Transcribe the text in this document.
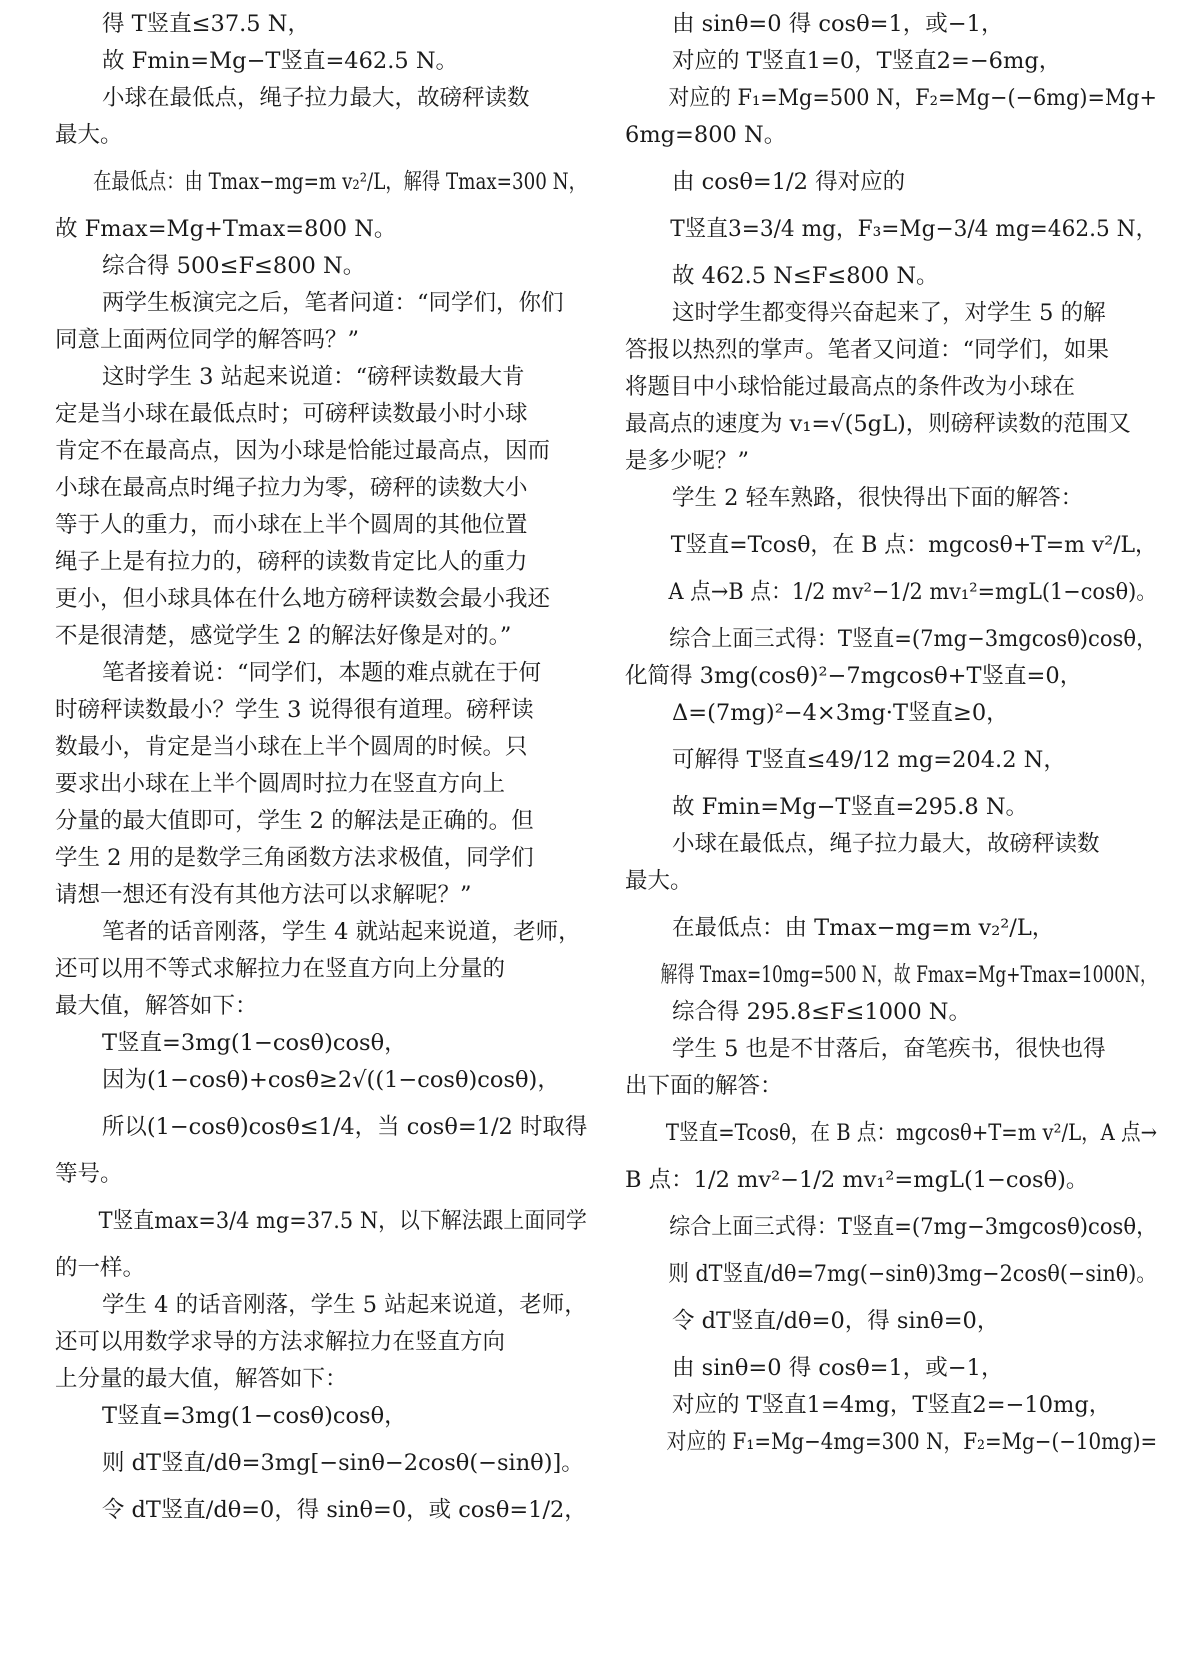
得 T竖直≤37.5 N，

故 Fmin=Mg−T竖直=462.5 N。

小球在最低点，绳子拉力最大，故磅秤读数

最大。

在最低点：由 Tmax−mg=m v₂²/L，解得 Tmax=300 N，

故 Fmax=Mg+Tmax=800 N。

综合得 500≤F≤800 N。

两学生板演完之后，笔者问道：“同学们，你们

同意上面两位同学的解答吗？”

这时学生 3 站起来说道：“磅秤读数最大肯

定是当小球在最低点时；可磅秤读数最小时小球

肯定不在最高点，因为小球是恰能过最高点，因而

小球在最高点时绳子拉力为零，磅秤的读数大小

等于人的重力，而小球在上半个圆周的其他位置

绳子上是有拉力的，磅秤的读数肯定比人的重力

更小，但小球具体在什么地方磅秤读数会最小我还

不是很清楚，感觉学生 2 的解法好像是对的。”

笔者接着说：“同学们，本题的难点就在于何

时磅秤读数最小？学生 3 说得很有道理。磅秤读

数最小，肯定是当小球在上半个圆周的时候。只

要求出小球在上半个圆周时拉力在竖直方向上

分量的最大值即可，学生 2 的解法是正确的。但

学生 2 用的是数学三角函数方法求极值，同学们

请想一想还有没有其他方法可以求解呢？”

笔者的话音刚落，学生 4 就站起来说道，老师，

还可以用不等式求解拉力在竖直方向上分量的

最大值，解答如下：

T竖直=3mg(1−cosθ)cosθ，

因为(1−cosθ)+cosθ≥2√((1−cosθ)cosθ)，

所以(1−cosθ)cosθ≤1/4，当 cosθ=1/2 时取得

等号。

T竖直max=3/4 mg=37.5 N，以下解法跟上面同学

的一样。

学生 4 的话音刚落，学生 5 站起来说道，老师，

还可以用数学求导的方法求解拉力在竖直方向

上分量的最大值，解答如下：

T竖直=3mg(1−cosθ)cosθ，

则 dT竖直/dθ=3mg[−sinθ−2cosθ(−sinθ)]。

令 dT竖直/dθ=0，得 sinθ=0，或 cosθ=1/2，

由 sinθ=0 得 cosθ=1，或−1，

对应的 T竖直1=0，T竖直2=−6mg，

对应的 F₁=Mg=500 N，F₂=Mg−(−6mg)=Mg+

6mg=800 N。

由 cosθ=1/2 得对应的

T竖直3=3/4 mg，F₃=Mg−3/4 mg=462.5 N，

故 462.5 N≤F≤800 N。

这时学生都变得兴奋起来了，对学生 5 的解

答报以热烈的掌声。笔者又问道：“同学们，如果

将题目中小球恰能过最高点的条件改为小球在

最高点的速度为 v₁=√(5gL)，则磅秤读数的范围又

是多少呢？”

学生 2 轻车熟路，很快得出下面的解答：

T竖直=Tcosθ，在 B 点：mgcosθ+T=m v²/L，

A 点→B 点：1/2 mv²−1/2 mv₁²=mgL(1−cosθ)。

综合上面三式得：T竖直=(7mg−3mgcosθ)cosθ，

化简得 3mg(cosθ)²−7mgcosθ+T竖直=0，

Δ=(7mg)²−4×3mg·T竖直≥0，

可解得 T竖直≤49/12 mg=204.2 N，

故 Fmin=Mg−T竖直=295.8 N。

小球在最低点，绳子拉力最大，故磅秤读数

最大。

在最低点：由 Tmax−mg=m v₂²/L，

解得 Tmax=10mg=500 N，故 Fmax=Mg+Tmax=1000N，

综合得 295.8≤F≤1000 N。

学生 5 也是不甘落后，奋笔疾书，很快也得

出下面的解答：

T竖直=Tcosθ，在 B 点：mgcosθ+T=m v²/L，A 点→

B 点：1/2 mv²−1/2 mv₁²=mgL(1−cosθ)。

综合上面三式得：T竖直=(7mg−3mgcosθ)cosθ，

则 dT竖直/dθ=7mg(−sinθ)3mg−2cosθ(−sinθ)。

令 dT竖直/dθ=0，得 sinθ=0，

由 sinθ=0 得 cosθ=1，或−1，

对应的 T竖直1=4mg，T竖直2=−10mg，

对应的 F₁=Mg−4mg=300 N，F₂=Mg−(−10mg)=
